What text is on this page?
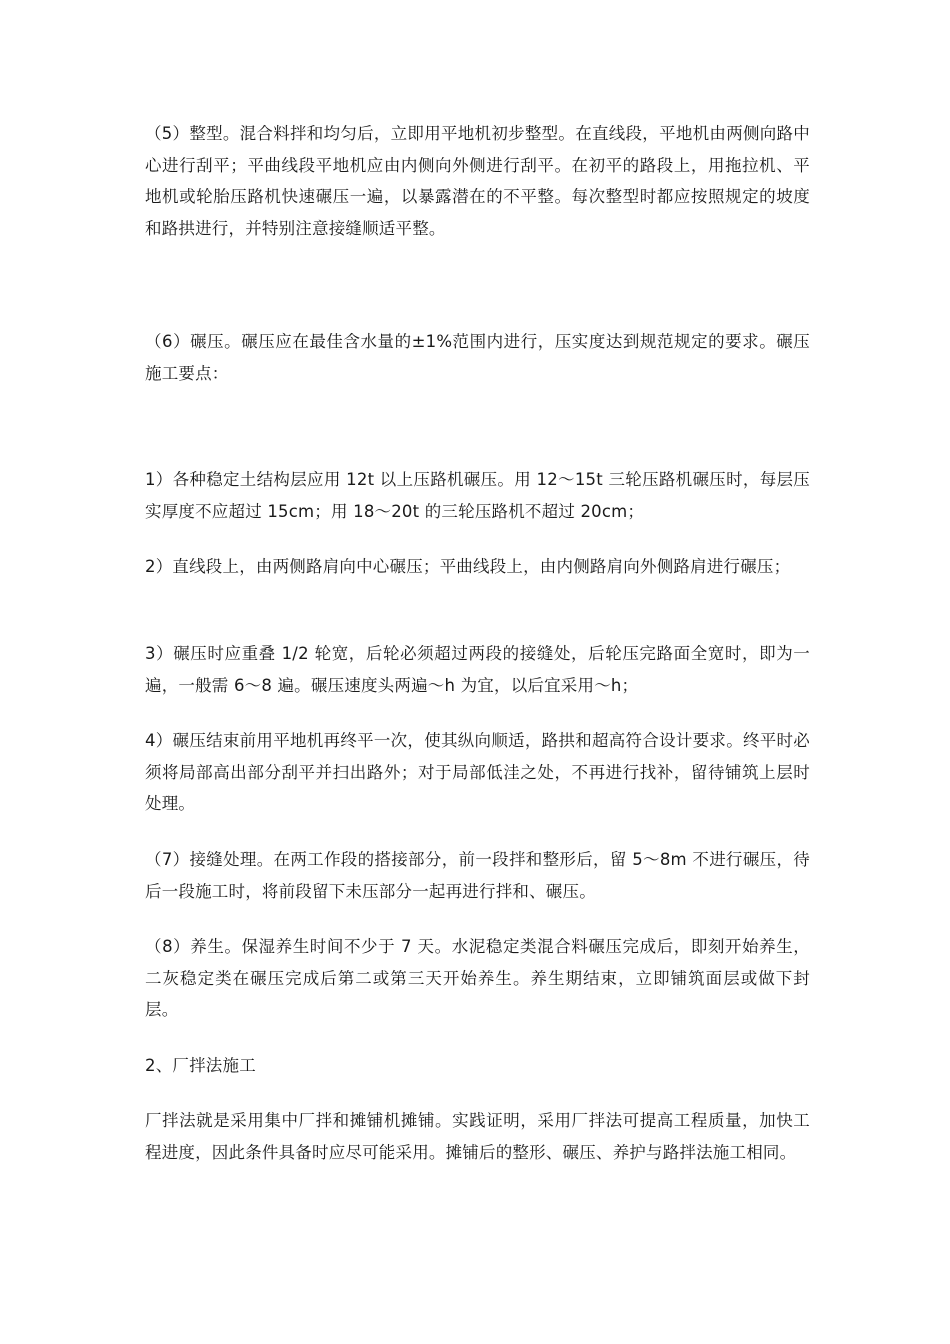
（5）整型。混合料拌和均匀后，立即用平地机初步整型。在直线段，平地机由两侧向路中心进行刮平；平曲线段平地机应由内侧向外侧进行刮平。在初平的路段上，用拖拉机、平地机或轮胎压路机快速碾压一遍，以暴露潜在的不平整。每次整型时都应按照规定的坡度和路拱进行，并特别注意接缝顺适平整。

（6）碾压。碾压应在最佳含水量的±1%范围内进行，压实度达到规范规定的要求。碾压施工要点：

1）各种稳定土结构层应用 12t 以上压路机碾压。用 12～15t 三轮压路机碾压时，每层压实厚度不应超过 15cm；用 18～20t 的三轮压路机不超过 20cm；

2）直线段上，由两侧路肩向中心碾压；平曲线段上，由内侧路肩向外侧路肩进行碾压；

3）碾压时应重叠 1/2 轮宽，后轮必须超过两段的接缝处，后轮压完路面全宽时，即为一遍，一般需 6～8 遍。碾压速度头两遍～h 为宜，以后宜采用～h；

4）碾压结束前用平地机再终平一次，使其纵向顺适，路拱和超高符合设计要求。终平时必须将局部高出部分刮平并扫出路外；对于局部低洼之处，不再进行找补，留待铺筑上层时处理。

（7）接缝处理。在两工作段的搭接部分，前一段拌和整形后，留 5～8m 不进行碾压，待后一段施工时，将前段留下未压部分一起再进行拌和、碾压。

（8）养生。保湿养生时间不少于 7 天。水泥稳定类混合料碾压完成后，即刻开始养生，二灰稳定类在碾压完成后第二或第三天开始养生。养生期结束，立即铺筑面层或做下封层。

2、厂拌法施工

厂拌法就是采用集中厂拌和摊铺机摊铺。实践证明，采用厂拌法可提高工程质量，加快工程进度，因此条件具备时应尽可能采用。摊铺后的整形、碾压、养护与路拌法施工相同。
